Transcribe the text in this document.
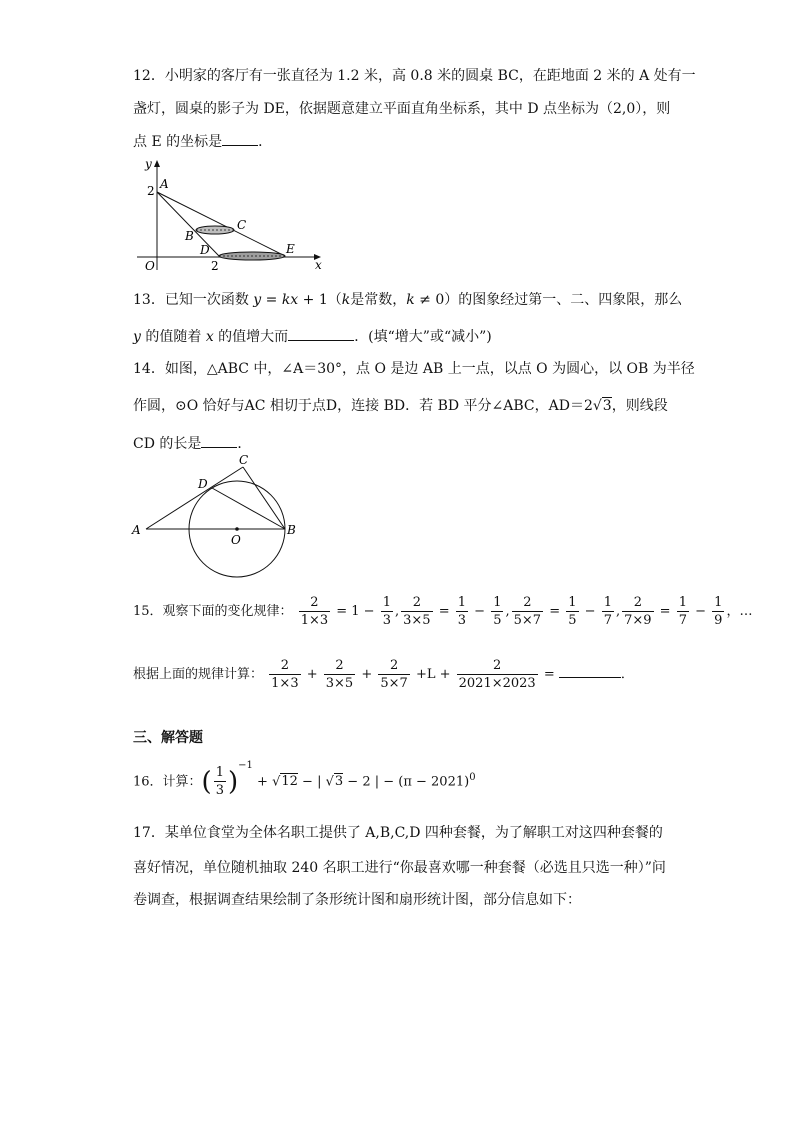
12．小明家的客厅有一张直径为 1.2 米，高 0.8 米的圆桌 BC，在距地面 2 米的 A 处有一
盏灯，圆桌的影子为 DE，依据题意建立平面直角坐标系，其中 D 点坐标为（2,0），则
点 E 的坐标是	．
y
x
O
2
2
A
B
C
D	E
13．已知一次函数 y = kx + 1（k是常数，k ≠ 0）的图象经过第一、二、四象限，那么
y 的值随着 x 的值增大而	．(填“增大”或“减小”)
14．如图，△ABC 中，∠A＝30°，点 O 是边 AB 上一点，以点 O 为圆心，以 OB 为半径
作圆，⊙O 恰好与AC 相切于点D，连接 BD．若 BD 平分∠ABC，AD＝2√3，则线段
CD 的长是	．
A	B
C
D
O
15．观察下面的变化规律： $\frac{2}{1\times 3} = 1 - \frac{1}{3}$ , $\frac{2}{3\times 5} = \frac{1}{3} - \frac{1}{5}$ , $\frac{2}{5\times 7} = \frac{1}{5} - \frac{1}{7}$ , $\frac{2}{7\times 9} = \frac{1}{7} - \frac{1}{9}$ ，…
根据上面的规律计算： $\frac{2}{1\times 3} + \frac{2}{3\times 5} + \frac{2}{5\times 7} +L + \frac{2}{2021\times 2023}$ =	．
三、解答题
16．计算：( $\frac{1}{3} )^{-1} + √12$ − | √3 − 2 | − $(\pi - 2021)^0$
17．某单位食堂为全体名职工提供了 A,B,C,D 四种套餐，为了解职工对这四种套餐的
喜好情况，单位随机抽取 240 名职工进行“你最喜欢哪一种套餐（必选且只选一种）”问
卷调查，根据调查结果绘制了条形统计图和扇形统计图，部分信息如下：
